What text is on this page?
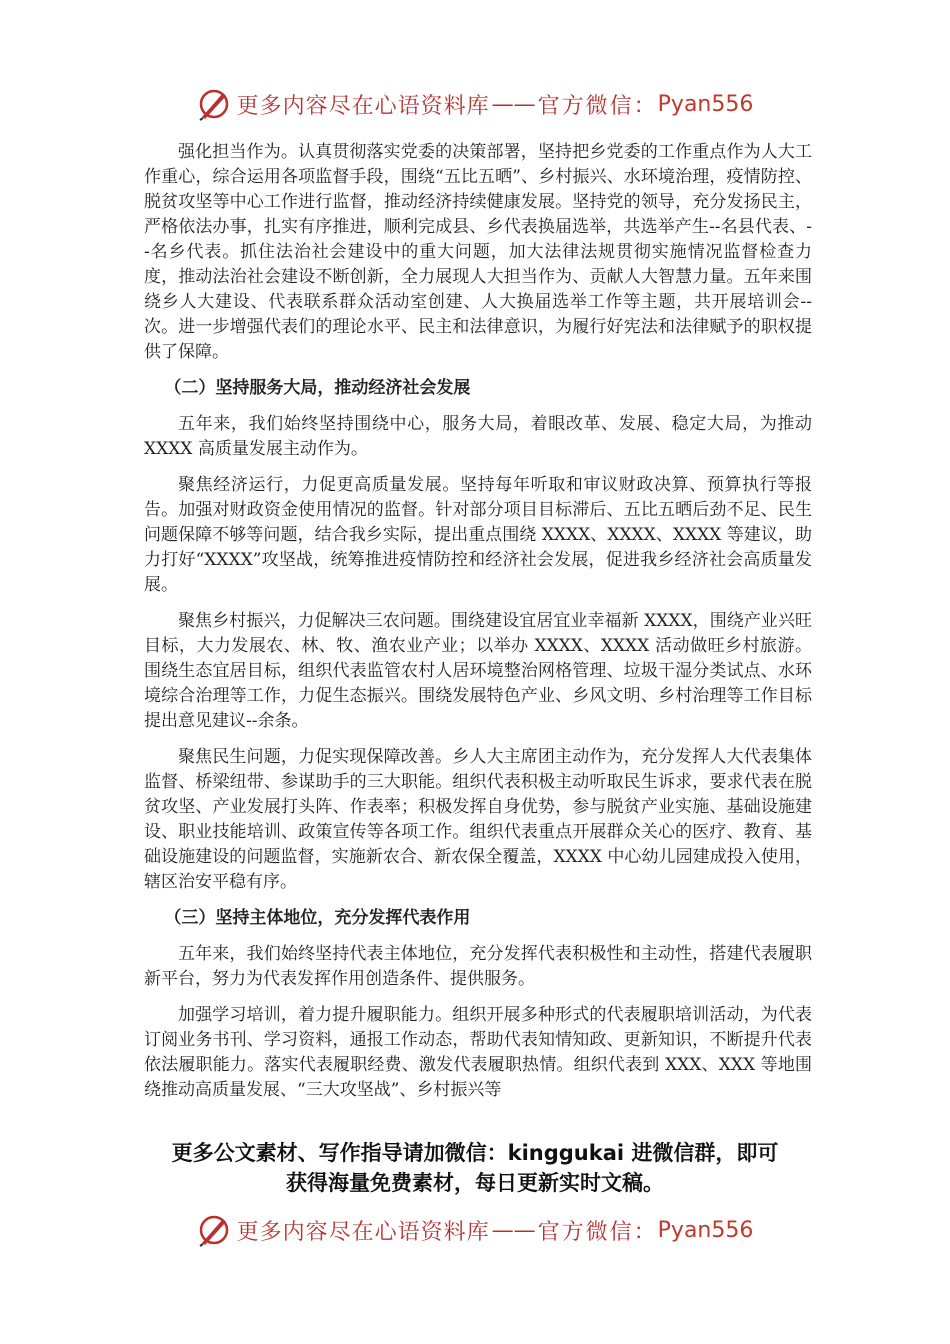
更多内容尽在心语资料库 —— 官方微信： Pyan556

强化担当作为。认真贯彻落实党委的决策部署，坚持把乡党委的工作重点作为人大工作重心，综合运用各项监督手段，围绕“五比五晒”、乡村振兴、水环境治理，疫情防控、脱贫攻坚等中心工作进行监督，推动经济持续健康发展。坚持党的领导，充分发扬民主，严格依法办事，扎实有序推进，顺利完成县、乡代表换届选举，共选举产生--名县代表、--名乡代表。抓住法治社会建设中的重大问题，加大法律法规贯彻实施情况监督检查力度，推动法治社会建设不断创新，全力展现人大担当作为、贡献人大智慧力量。五年来围绕乡人大建设、代表联系群众活动室创建、人大换届选举工作等主题，共开展培训会--次。进一步增强代表们的理论水平、民主和法律意识，为履行好宪法和法律赋予的职权提供了保障。

（二）坚持服务大局，推动经济社会发展

五年来，我们始终坚持围绕中心，服务大局，着眼改革、发展、稳定大局，为推动 XXXX 高质量发展主动作为。

聚焦经济运行，力促更高质量发展。坚持每年听取和审议财政决算、预算执行等报告。加强对财政资金使用情况的监督。针对部分项目目标滞后、五比五晒后劲不足、民生问题保障不够等问题，结合我乡实际，提出重点围绕 XXXX、XXXX、XXXX 等建议，助力打好“XXXX”攻坚战，统筹推进疫情防控和经济社会发展，促进我乡经济社会高质量发展。

聚焦乡村振兴，力促解决三农问题。围绕建设宜居宜业幸福新 XXXX，围绕产业兴旺目标，大力发展农、林、牧、渔农业产业；以举办 XXXX、XXXX 活动做旺乡村旅游。围绕生态宜居目标，组织代表监管农村人居环境整治网格管理、垃圾干湿分类试点、水环境综合治理等工作，力促生态振兴。围绕发展特色产业、乡风文明、乡村治理等工作目标提出意见建议--余条。

聚焦民生问题，力促实现保障改善。乡人大主席团主动作为，充分发挥人大代表集体监督、桥梁纽带、参谋助手的三大职能。组织代表积极主动听取民生诉求，要求代表在脱贫攻坚、产业发展打头阵、作表率；积极发挥自身优势，参与脱贫产业实施、基础设施建设、职业技能培训、政策宣传等各项工作。组织代表重点开展群众关心的医疗、教育、基础设施建设的问题监督，实施新农合、新农保全覆盖，XXXX 中心幼儿园建成投入使用，辖区治安平稳有序。

（三）坚持主体地位，充分发挥代表作用

五年来，我们始终坚持代表主体地位，充分发挥代表积极性和主动性，搭建代表履职新平台，努力为代表发挥作用创造条件、提供服务。

加强学习培训，着力提升履职能力。组织开展多种形式的代表履职培训活动，为代表订阅业务书刊、学习资料，通报工作动态，帮助代表知情知政、更新知识，不断提升代表依法履职能力。落实代表履职经费、激发代表履职热情。组织代表到 XXX、XXX 等地围绕推动高质量发展、“三大攻坚战”、乡村振兴等

更多公文素材、写作指导请加微信：kinggukai 进微信群，即可
获得海量免费素材，每日更新实时文稿。
更多内容尽在心语资料库 —— 官方微信： Pyan556
